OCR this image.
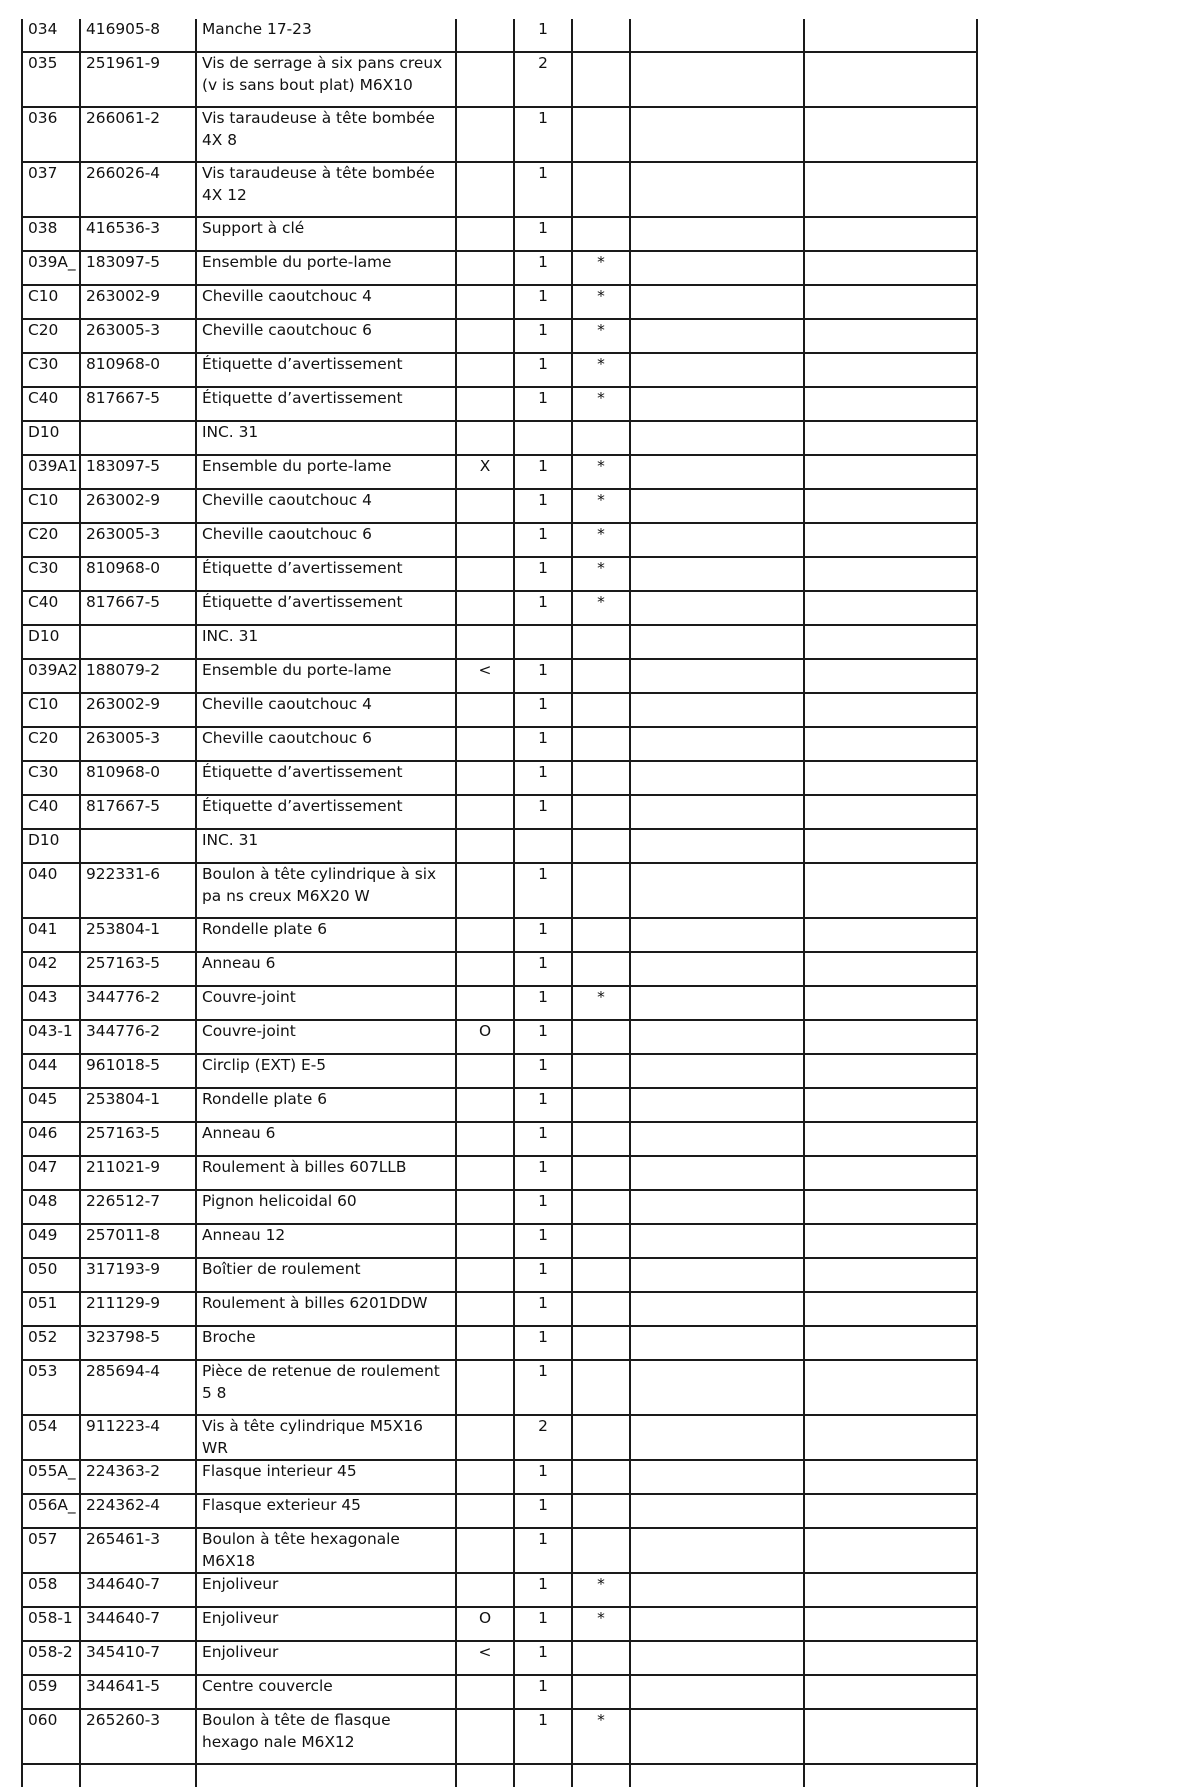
034	416905-8	Manche 17-23		1			
035	251961-9	Vis de serrage à six pans creux (v is sans bout plat) M6X10		2			
036	266061-2	Vis taraudeuse à tête bombée 4X 8		1			
037	266026-4	Vis taraudeuse à tête bombée 4X 12		1			
038	416536-3	Support à clé		1			
039A_	183097-5	Ensemble du porte-lame		1	*		
C10	263002-9	Cheville caoutchouc 4		1	*		
C20	263005-3	Cheville caoutchouc 6		1	*		
C30	810968-0	Étiquette d’avertissement		1	*		
C40	817667-5	Étiquette d’avertissement		1	*		
D10		INC. 31					
039A1	183097-5	Ensemble du porte-lame	X	1	*		
C10	263002-9	Cheville caoutchouc 4		1	*		
C20	263005-3	Cheville caoutchouc 6		1	*		
C30	810968-0	Étiquette d’avertissement		1	*		
C40	817667-5	Étiquette d’avertissement		1	*		
D10		INC. 31					
039A2	188079-2	Ensemble du porte-lame	<	1			
C10	263002-9	Cheville caoutchouc 4		1			
C20	263005-3	Cheville caoutchouc 6		1			
C30	810968-0	Étiquette d’avertissement		1			
C40	817667-5	Étiquette d’avertissement		1			
D10		INC. 31					
040	922331-6	Boulon à tête cylindrique à six pa ns creux M6X20 W		1			
041	253804-1	Rondelle plate 6		1			
042	257163-5	Anneau 6		1			
043	344776-2	Couvre-joint		1	*		
043-1	344776-2	Couvre-joint	O	1			
044	961018-5	Circlip (EXT) E-5		1			
045	253804-1	Rondelle plate 6		1			
046	257163-5	Anneau 6		1			
047	211021-9	Roulement à billes 607LLB		1			
048	226512-7	Pignon helicoidal 60		1			
049	257011-8	Anneau 12		1			
050	317193-9	Boîtier de roulement		1			
051	211129-9	Roulement à billes 6201DDW		1			
052	323798-5	Broche		1			
053	285694-4	Pièce de retenue de roulement 5 8		1			
054	911223-4	Vis à tête cylindrique M5X16 WR		2			
055A_	224363-2	Flasque interieur 45		1			
056A_	224362-4	Flasque exterieur 45		1			
057	265461-3	Boulon à tête hexagonale M6X18		1			
058	344640-7	Enjoliveur		1	*		
058-1	344640-7	Enjoliveur	O	1	*		
058-2	345410-7	Enjoliveur	<	1			
059	344641-5	Centre couvercle		1			
060	265260-3	Boulon à tête de flasque hexago nale M6X12		1	*		
